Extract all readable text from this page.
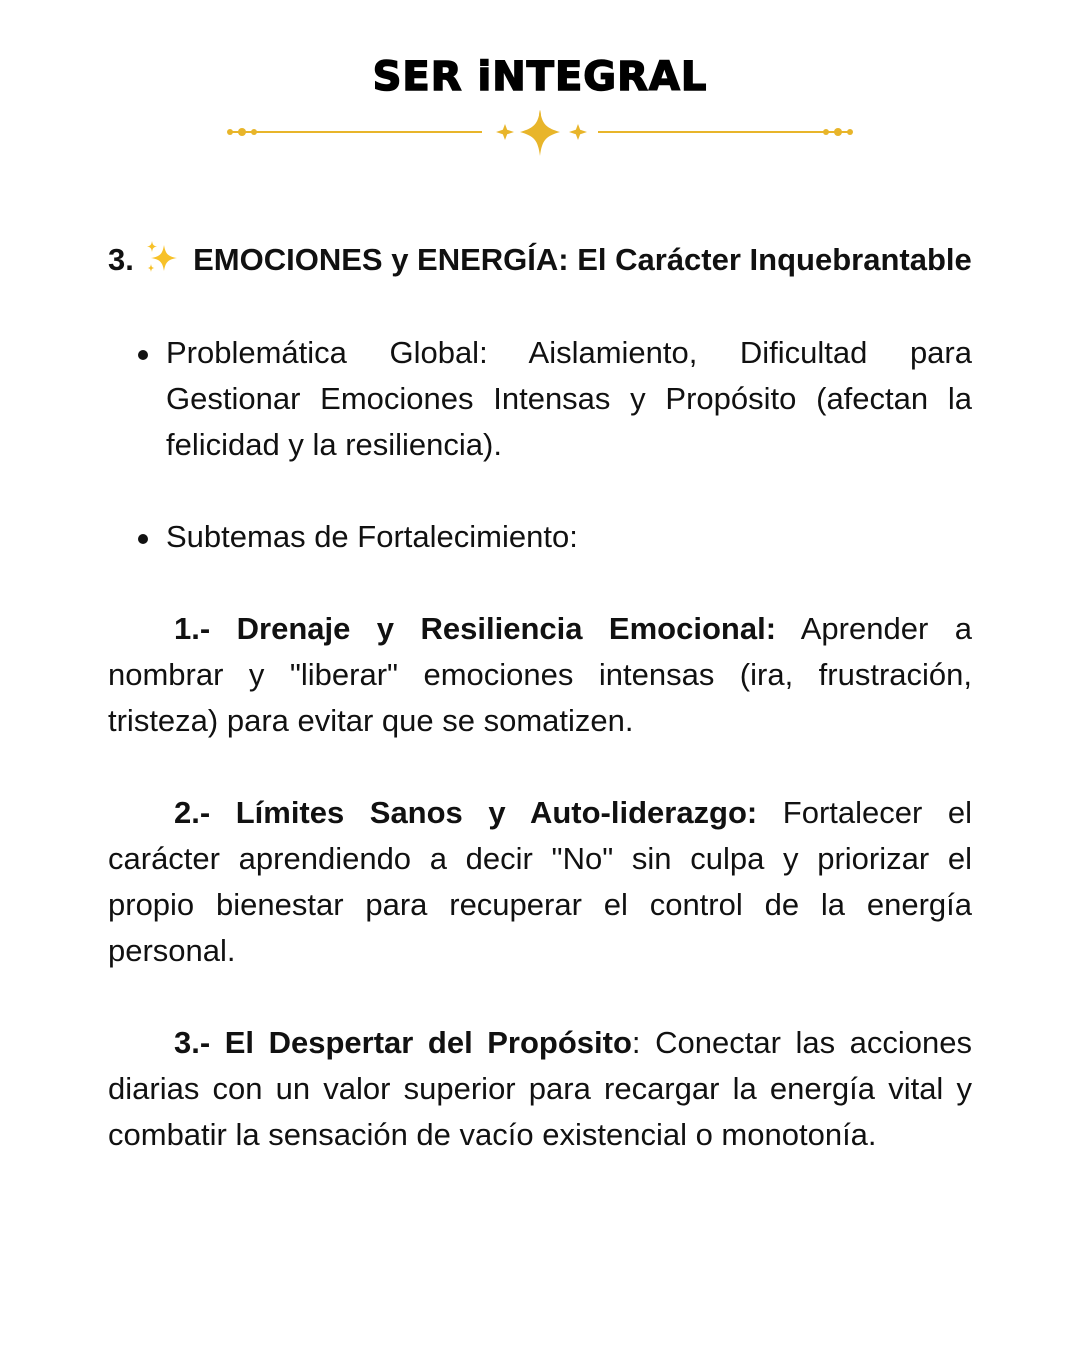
SER iNTEGRAL
3. EMOCIONES y ENERGÍA: El Carácter Inquebrantable
Problemática Global: Aislamiento, Dificultad para Gestionar Emociones Intensas y Propósito (afectan la felicidad y la resiliencia).
Subtemas de Fortalecimiento:

1.- Drenaje y Resiliencia Emocional: Aprender a nombrar y "liberar" emociones intensas (ira, frustración, tristeza) para evitar que se somatizen.

2.- Límites Sanos y Auto-liderazgo: Fortalecer el carácter aprendiendo a decir "No" sin culpa y priorizar el propio bienestar para recuperar el control de la energía personal.

3.- El Despertar del Propósito: Conectar las acciones diarias con un valor superior para recargar la energía vital y combatir la sensación de vacío existencial o monotonía.
